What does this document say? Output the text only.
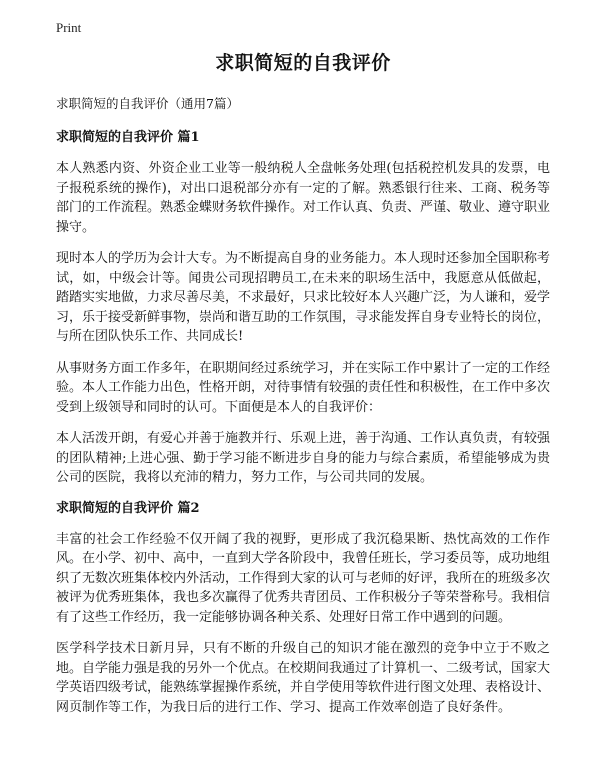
Print
求职简短的自我评价
求职简短的自我评价（通用7篇）
求职简短的自我评价 篇1

本人熟悉内资、外资企业工业等一般纳税人全盘帐务处理(包括税控机发具的发票，电子报税系统的操作)，对出口退税部分亦有一定的了解。熟悉银行往来、工商、税务等部门的工作流程。熟悉金蝶财务软件操作。对工作认真、负责、严谨、敬业、遵守职业操守。

现时本人的学历为会计大专。为不断提高自身的业务能力。本人现时还参加全国职称考试，如，中级会计等。闻贵公司现招聘员工,在未来的职场生活中，我愿意从低做起，踏踏实实地做，力求尽善尽美，不求最好，只求比较好本人兴趣广泛，为人谦和，爱学习，乐于接受新鲜事物，崇尚和谐互助的工作氛围，寻求能发挥自身专业特长的岗位，与所在团队快乐工作、共同成长!

从事财务方面工作多年，在职期间经过系统学习，并在实际工作中累计了一定的工作经验。本人工作能力出色，性格开朗，对待事情有较强的责任性和积极性，在工作中多次受到上级领导和同时的认可。下面便是本人的自我评价：

本人活泼开朗，有爱心并善于施教并行、乐观上进，善于沟通、工作认真负责，有较强的团队精神;上进心强、勤于学习能不断进步自身的能力与综合素质，希望能够成为贵公司的医院，我将以充沛的精力，努力工作，与公司共同的发展。

求职简短的自我评价 篇2

丰富的社会工作经验不仅开阔了我的视野，更形成了我沉稳果断、热忱高效的工作作风。在小学、初中、高中，一直到大学各阶段中，我曾任班长，学习委员等，成功地组织了无数次班集体校内外活动，工作得到大家的认可与老师的好评，我所在的班级多次被评为优秀班集体，我也多次赢得了优秀共青团员、工作积极分子等荣誉称号。我相信有了这些工作经历，我一定能够协调各种关系、处理好日常工作中遇到的问题。

医学科学技术日新月异，只有不断的升级自己的知识才能在激烈的竞争中立于不败之地。自学能力强是我的另外一个优点。在校期间我通过了计算机一、二级考试，国家大学英语四级考试，能熟练掌握操作系统，并自学使用等软件进行图文处理、表格设计、网页制作等工作，为我日后的进行工作、学习、提高工作效率创造了良好条件。
